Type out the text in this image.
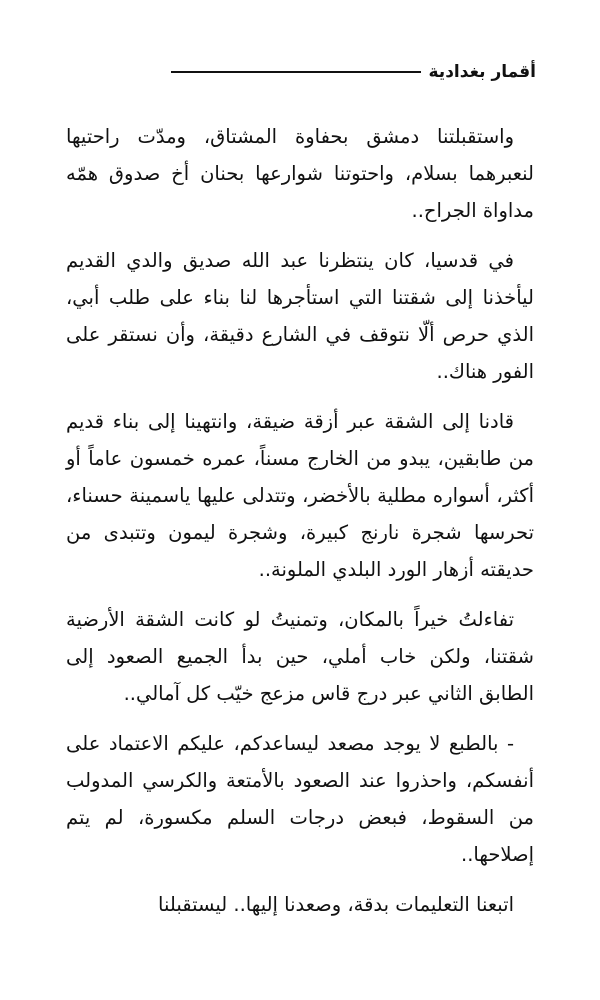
أقمار بغدادية

واستقبلتنا دمشق بحفاوة المشتاق، ومدّت راحتيها لنعبرهما بسلام، واحتوتنا شوارعها بحنان أخ صدوق همّه مداواة الجراح..

في قدسيا، كان ينتظرنا عبد الله صديق والدي القديم ليأخذنا إلى شقتنا التي استأجرها لنا بناء على طلب أبي، الذي حرص ألّا نتوقف في الشارع دقيقة، وأن نستقر على الفور هناك..

قادنا إلى الشقة عبر أزقة ضيقة، وانتهينا إلى بناء قديم من طابقين، يبدو من الخارج مسناً، عمره خمسون عاماً أو أكثر، أسواره مطلية بالأخضر، وتتدلى عليها ياسمينة حسناء، تحرسها شجرة نارنج كبيرة، وشجرة ليمون وتتبدى من حديقته أزهار الورد البلدي الملونة..

تفاءلتُ خيراً بالمكان، وتمنيتُ لو كانت الشقة الأرضية شقتنا، ولكن خاب أملي، حين بدأ الجميع الصعود إلى الطابق الثاني عبر درج قاس مزعج خيّب كل آمالي..

- بالطبع لا يوجد مصعد ليساعدكم، عليكم الاعتماد على أنفسكم، واحذروا عند الصعود بالأمتعة والكرسي المدولب من السقوط، فبعض درجات السلم مكسورة، لم يتم إصلاحها..

اتبعنا التعليمات بدقة، وصعدنا إليها.. ليستقبلنا
